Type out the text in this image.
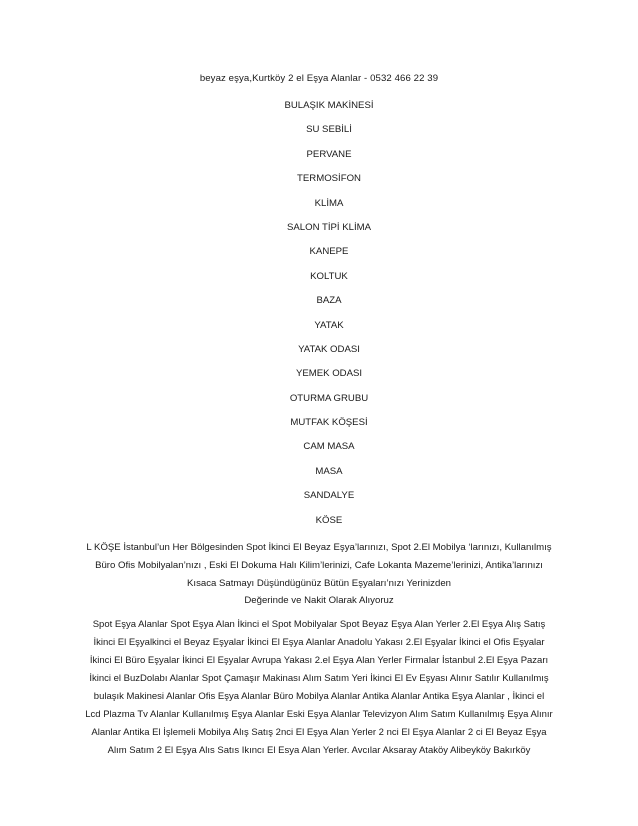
beyaz eşya,Kurtköy 2 el Eşya Alanlar - 0532 466 22 39
BULAŞIK MAKİNESİ
SU SEBİLİ
PERVANE
TERMOSİFON
KLİMA
SALON TİPİ KLİMA
KANEPE
KOLTUK
BAZA
YATAK
YATAK ODASI
YEMEK ODASI
OTURMA GRUBU
MUTFAK KÖŞESİ
CAM MASA
MASA
SANDALYE
KÖSE

L KÖŞE İstanbul’un Her Bölgesinden Spot İkinci El Beyaz Eşya’larınızı, Spot 2.El Mobilya ‘larınızı, Kullanılmış Büro Ofis Mobilyalan’nızı , Eski El Dokuma Halı Kilim’lerinizi, Cafe Lokanta Mazeme’lerinizi, Antika’larınızı Kısaca Satmayı Düşündügünüz Bütün Eşyaları’nızı Yerinizden

Değerinde ve Nakit Olarak Alıyoruz

Spot Eşya Alanlar Spot Eşya Alan İkinci el Spot Mobilyalar Spot Beyaz Eşya Alan Yerler 2.El Eşya Alış Satış İkinci El Eşyalkinci el Beyaz Eşyalar İkinci El Eşya Alanlar Anadolu Yakası 2.El Eşyalar İkinci el Ofis Eşyalar İkinci El Büro Eşyalar İkinci El Eşyalar Avrupa Yakası 2.el Eşya Alan Yerler Firmalar İstanbul 2.El Eşya Pazarı İkinci el BuzDolabı Alanlar Spot Çamaşır Makinası Alım Satım Yeri İkinci El Ev Eşyası Alınır Satılır Kullanılmış bulaşık Makinesi Alanlar Ofis Eşya Alanlar Büro Mobilya Alanlar Antika Alanlar Antika Eşya Alanlar , İkinci el Lcd Plazma Tv Alanlar Kullanılmış Eşya Alanlar Eski Eşya Alanlar Televizyon Alım Satım Kullanılmış Eşya Alınır Alanlar Antika El İşlemeli Mobilya Alış Satış 2nci El Eşya Alan Yerler 2 nci El Eşya Alanlar 2 ci El Beyaz Eşya Alım Satım 2 El Eşya Alıs Satıs Ikıncı El Esya Alan Yerler. Avcılar Aksaray Ataköy Alibeyköy Bakırköy
